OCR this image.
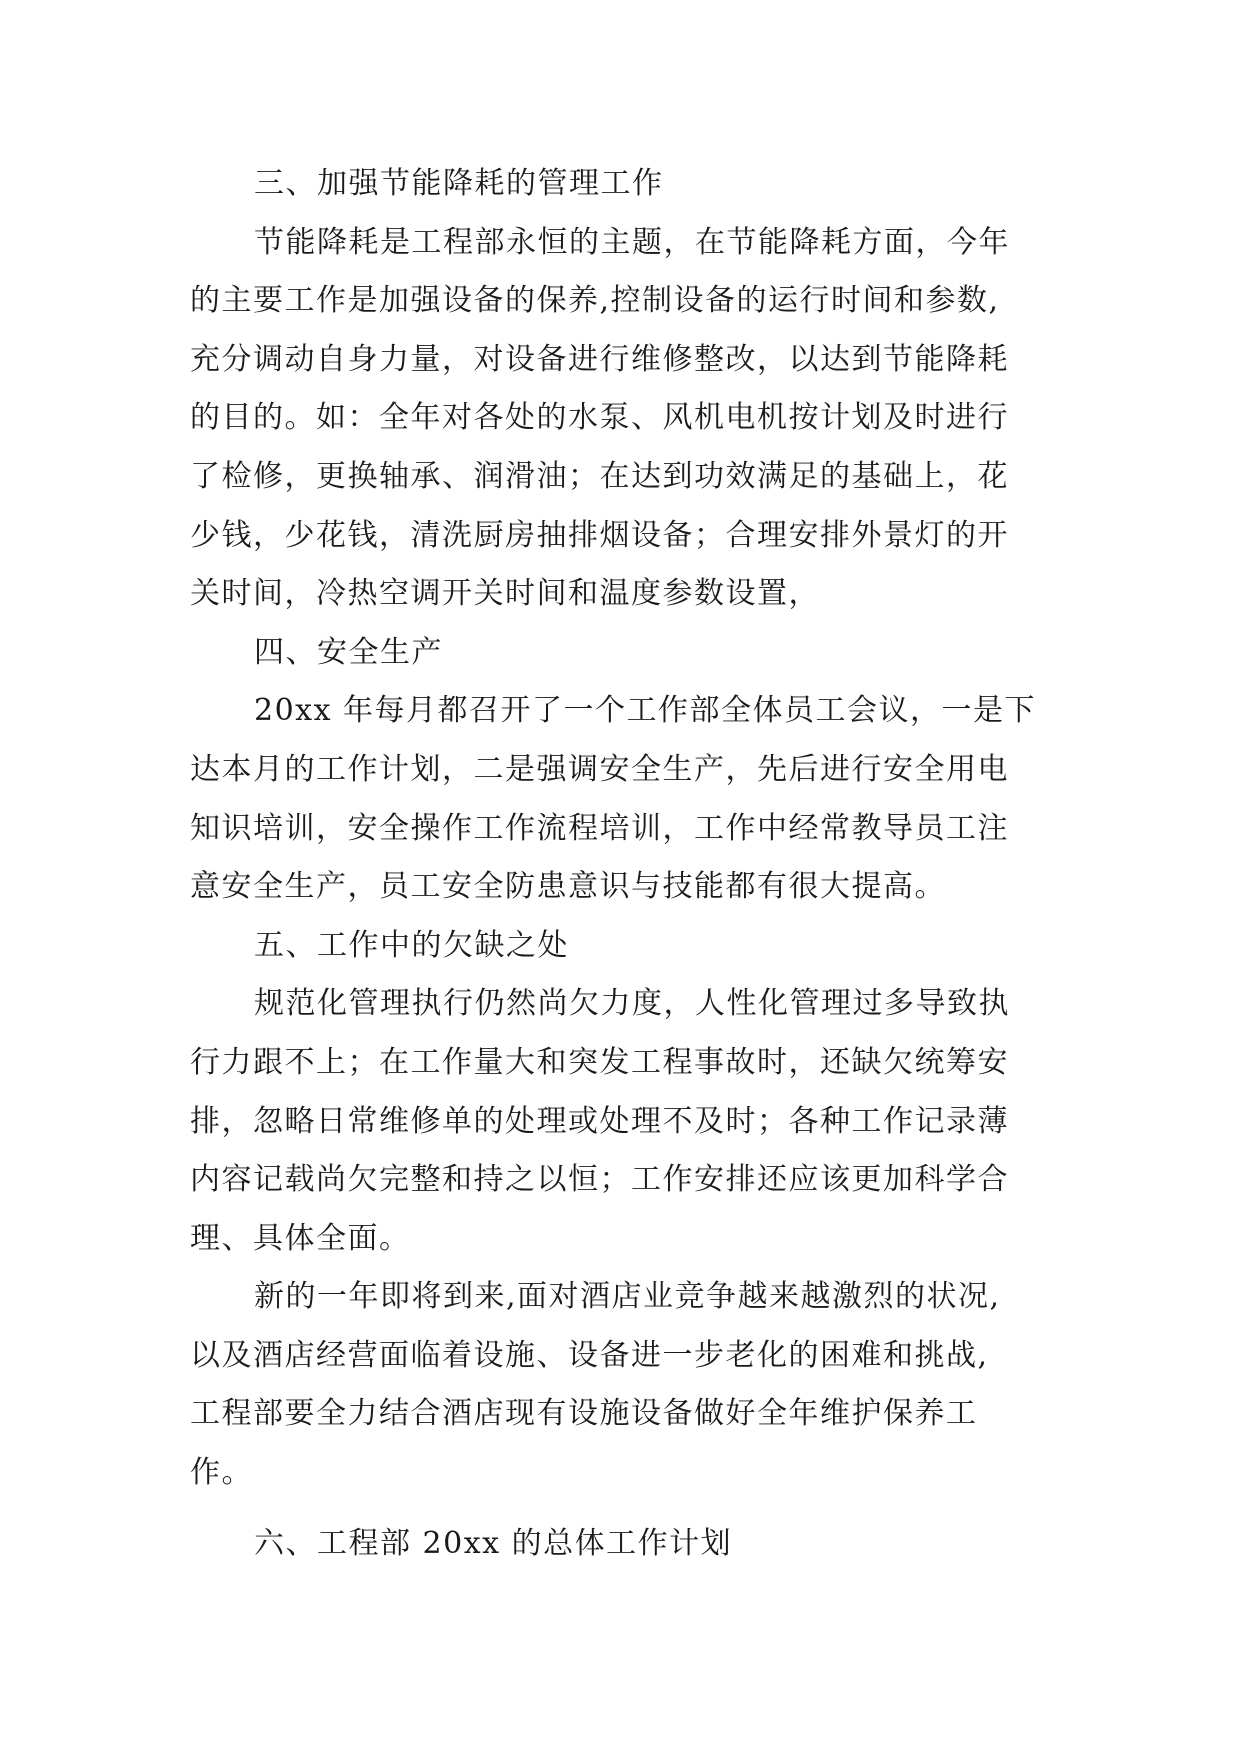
三、加强节能降耗的管理工作
节能降耗是工程部永恒的主题，在节能降耗方面，今年
的主要工作是加强设备的保养,控制设备的运行时间和参数,
充分调动自身力量，对设备进行维修整改，以达到节能降耗
的目的。如：全年对各处的水泵、风机电机按计划及时进行
了检修，更换轴承、润滑油；在达到功效满足的基础上，花
少钱，少花钱，清洗厨房抽排烟设备；合理安排外景灯的开
关时间，冷热空调开关时间和温度参数设置，
四、安全生产
20xx 年每月都召开了一个工作部全体员工会议，一是下
达本月的工作计划，二是强调安全生产，先后进行安全用电
知识培训，安全操作工作流程培训，工作中经常教导员工注
意安全生产，员工安全防患意识与技能都有很大提高。
五、工作中的欠缺之处
规范化管理执行仍然尚欠力度，人性化管理过多导致执
行力跟不上；在工作量大和突发工程事故时，还缺欠统筹安
排，忽略日常维修单的处理或处理不及时；各种工作记录薄
内容记载尚欠完整和持之以恒；工作安排还应该更加科学合
理、具体全面。
新的一年即将到来,面对酒店业竞争越来越激烈的状况,
以及酒店经营面临着设施、设备进一步老化的困难和挑战,
工程部要全力结合酒店现有设施设备做好全年维护保养工
作。
六、工程部 20xx 的总体工作计划
